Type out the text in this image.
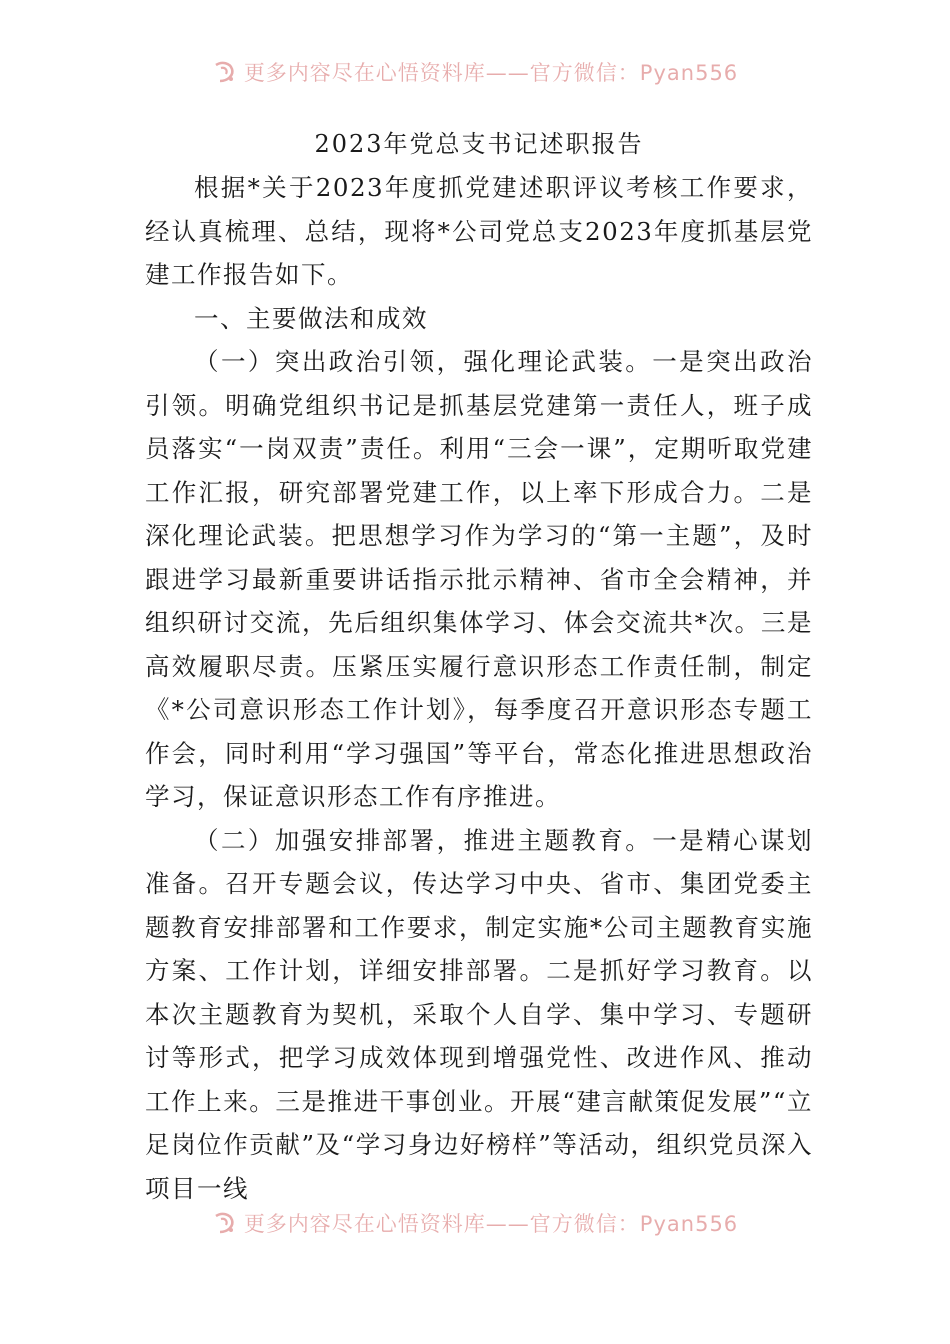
更多内容尽在心悟资料库——官方微信：Pyan556
2023年党总支书记述职报告

根据*关于2023年度抓党建述职评议考核工作要求，经认真梳理、总结，现将*公司党总支2023年度抓基层党建工作报告如下。

一、主要做法和成效

（一）突出政治引领，强化理论武装。一是突出政治引领。明确党组织书记是抓基层党建第一责任人，班子成员落实“一岗双责”责任。利用“三会一课”，定期听取党建工作汇报，研究部署党建工作，以上率下形成合力。二是深化理论武装。把思想学习作为学习的“第一主题”，及时跟进学习最新重要讲话指示批示精神、省市全会精神，并组织研讨交流，先后组织集体学习、体会交流共*次。三是高效履职尽责。压紧压实履行意识形态工作责任制，制定《*公司意识形态工作计划》，每季度召开意识形态专题工作会，同时利用“学习强国”等平台，常态化推进思想政治学习，保证意识形态工作有序推进。

（二）加强安排部署，推进主题教育。一是精心谋划准备。召开专题会议，传达学习中央、省市、集团党委主题教育安排部署和工作要求，制定实施*公司主题教育实施方案、工作计划，详细安排部署。二是抓好学习教育。以本次主题教育为契机，采取个人自学、集中学习、专题研讨等形式，把学习成效体现到增强党性、改进作风、推动工作上来。三是推进干事创业。开展“建言献策促发展”“立足岗位作贡献”及“学习身边好榜样”等活动，组织党员深入项目一线

更多内容尽在心悟资料库——官方微信：Pyan556
